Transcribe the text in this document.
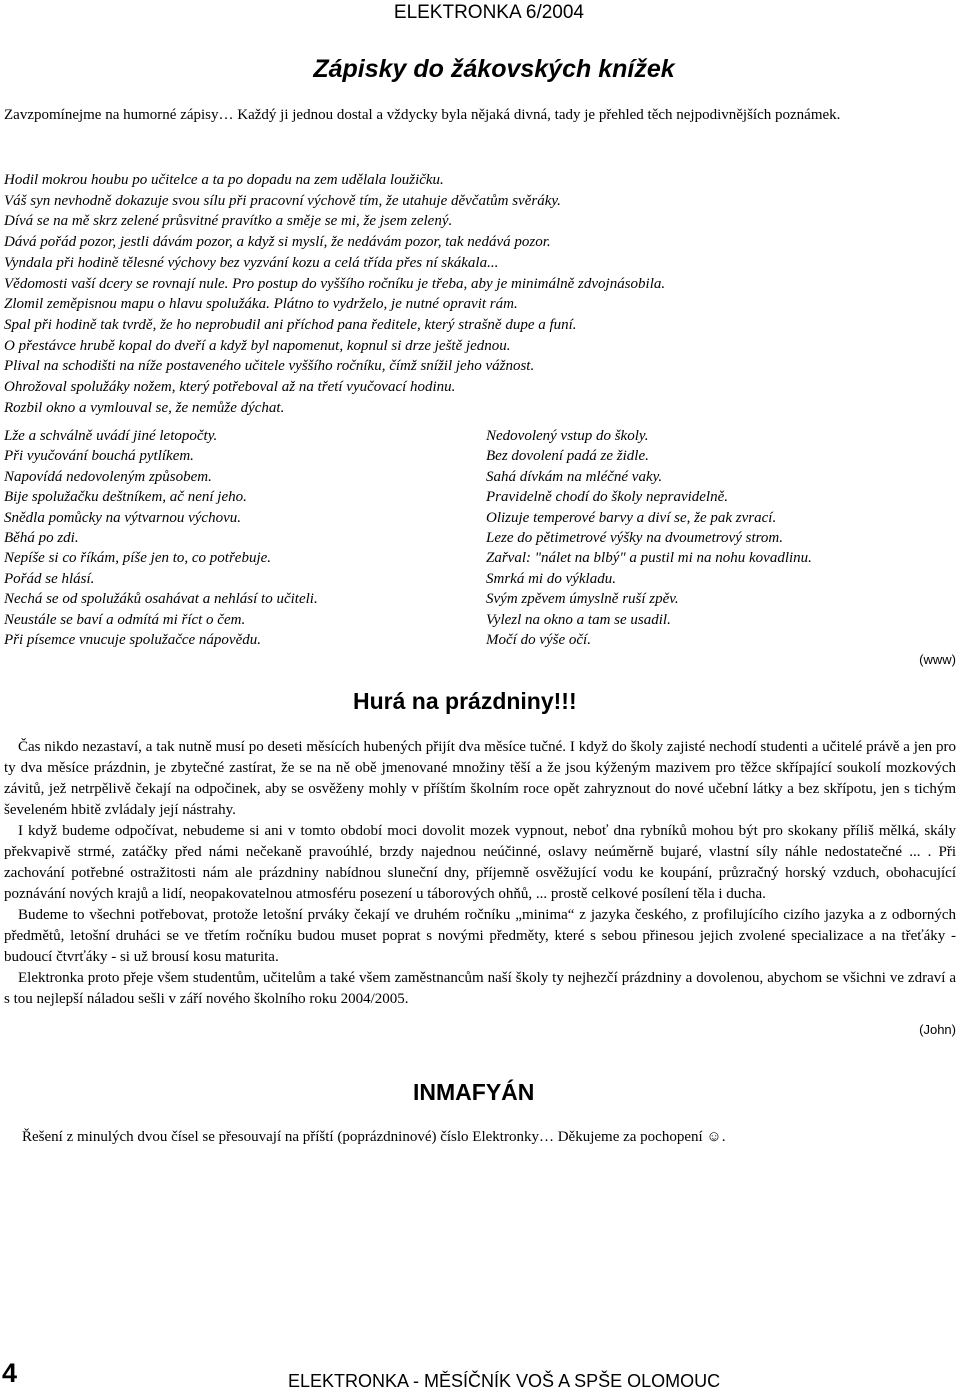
ELEKTRONKA 6/2004
Zápisky do žákovských knížek
Zavzpomínejme na humorné zápisy… Každý ji jednou dostal a vždycky byla nějaká divná, tady je přehled těch nejpodivnějších poznámek.
Hodil mokrou houbu po učitelce a ta po dopadu na zem udělala loužičku.
Váš syn nevhodně dokazuje svou sílu při pracovní výchově tím, že utahuje děvčatům svěráky.
Dívá se na mě skrz zelené průsvitné pravítko a směje se mi, že jsem zelený.
Dává pořád pozor, jestli dávám pozor, a když si myslí, že nedávám pozor, tak nedává pozor.
Vyndala při hodině tělesné výchovy bez vyzvání kozu a celá třída přes ní skákala...
Vědomosti vaší dcery se rovnají nule. Pro postup do vyššího ročníku je třeba, aby je minimálně zdvojnásobila.
Zlomil zeměpisnou mapu o hlavu spolužáka. Plátno to vydrželo, je nutné opravit rám.
Spal při hodině tak tvrdě, že ho neprobudil ani příchod pana ředitele, který strašně dupe a funí.
O přestávce hrubě kopal do dveří a když byl napomenut, kopnul si drze ještě jednou.
Plival na schodišti na níže postaveného učitele vyššího ročníku, čímž snížil jeho vážnost.
Ohrožoval spolužáky nožem, který potřeboval až na třetí vyučovací hodinu.
Rozbil okno a vymlouval se, že nemůže dýchat.
Lže a schválně uvádí jiné letopočty.
Při vyučování bouchá pytlíkem.
Napovídá nedovoleným způsobem.
Bije spolužačku deštníkem, ač není jeho.
Snědla pomůcky na výtvarnou výchovu.
Běhá po zdi.
Nepíše si co říkám, píše jen to, co potřebuje.
Pořád se hlásí.
Nechá se od spolužáků osahávat a nehlásí to učiteli.
Neustále se baví a odmítá mi říct o čem.
Při písemce vnucuje spolužačce nápovědu.
Nedovolený vstup do školy.
Bez dovolení padá ze židle.
Sahá dívkám na mléčné vaky.
Pravidelně chodí do školy nepravidelně.
Olizuje temperové barvy a diví se, že pak zvrací.
Leze do pětimetrové výšky na dvoumetrový strom.
Zařval: "nálet na blbý" a pustil mi na nohu kovadlinu.
Smrká mi do výkladu.
Svým zpěvem úmyslně ruší zpěv.
Vylezl na okno a tam se usadil.
Močí do výše očí.
(www)
Hurá na prázdniny!!!

Čas nikdo nezastaví, a tak nutně musí po deseti měsících hubených přijít dva měsíce tučné. I když do školy zajisté nechodí studenti a učitelé právě a jen pro ty dva měsíce prázdnin, je zbytečné zastírat, že se na ně obě jmenované množiny těší a že jsou kýženým mazivem pro těžce skřípající soukolí mozkových závitů, jež netrpělivě čekají na odpočinek, aby se osvěženy mohly v příštím školním roce opět zahryznout do nové učební látky a bez skřípotu, jen s tichým ševeleném hbitě zvládaly její nástrahy.

I když budeme odpočívat, nebudeme si ani v tomto období moci dovolit mozek vypnout, neboť dna rybníků mohou být pro skokany příliš mělká, skály překvapivě strmé, zatáčky před námi nečekaně pravoúhlé, brzdy najednou neúčinné, oslavy neúměrně bujaré, vlastní síly náhle nedostatečné ... . Při zachování potřebné ostražitosti nám ale prázdniny nabídnou sluneční dny, příjemně osvěžující vodu ke koupání, průzračný horský vzduch, obohacující poznávání nových krajů a lidí, neopakovatelnou atmosféru posezení u táborových ohňů, ... prostě celkové posílení těla i ducha.

Budeme to všechni potřebovat, protože letošní prváky čekají ve druhém ročníku „minima“ z jazyka českého, z profilujícího cizího jazyka a z odborných předmětů, letošní druháci se ve třetím ročníku budou muset poprat s novými předměty, které s sebou přinesou jejich zvolené specializace a na třeťáky - budoucí čtvrťáky - si už brousí kosu maturita.

Elektronka proto přeje všem studentům, učitelům a také všem zaměstnancům naší školy ty nejhezčí prázdniny a dovolenou, abychom se všichni ve zdraví a s tou nejlepší náladou sešli v září nového školního roku 2004/2005.

(John)
INMAFYÁN
Řešení z minulých dvou čísel se přesouvají na příští (poprázdninové) číslo Elektronky… Děkujeme za pochopení ☺.
4	ELEKTRONKA - MĚSÍČNÍK VOŠ A SPŠE OLOMOUC
